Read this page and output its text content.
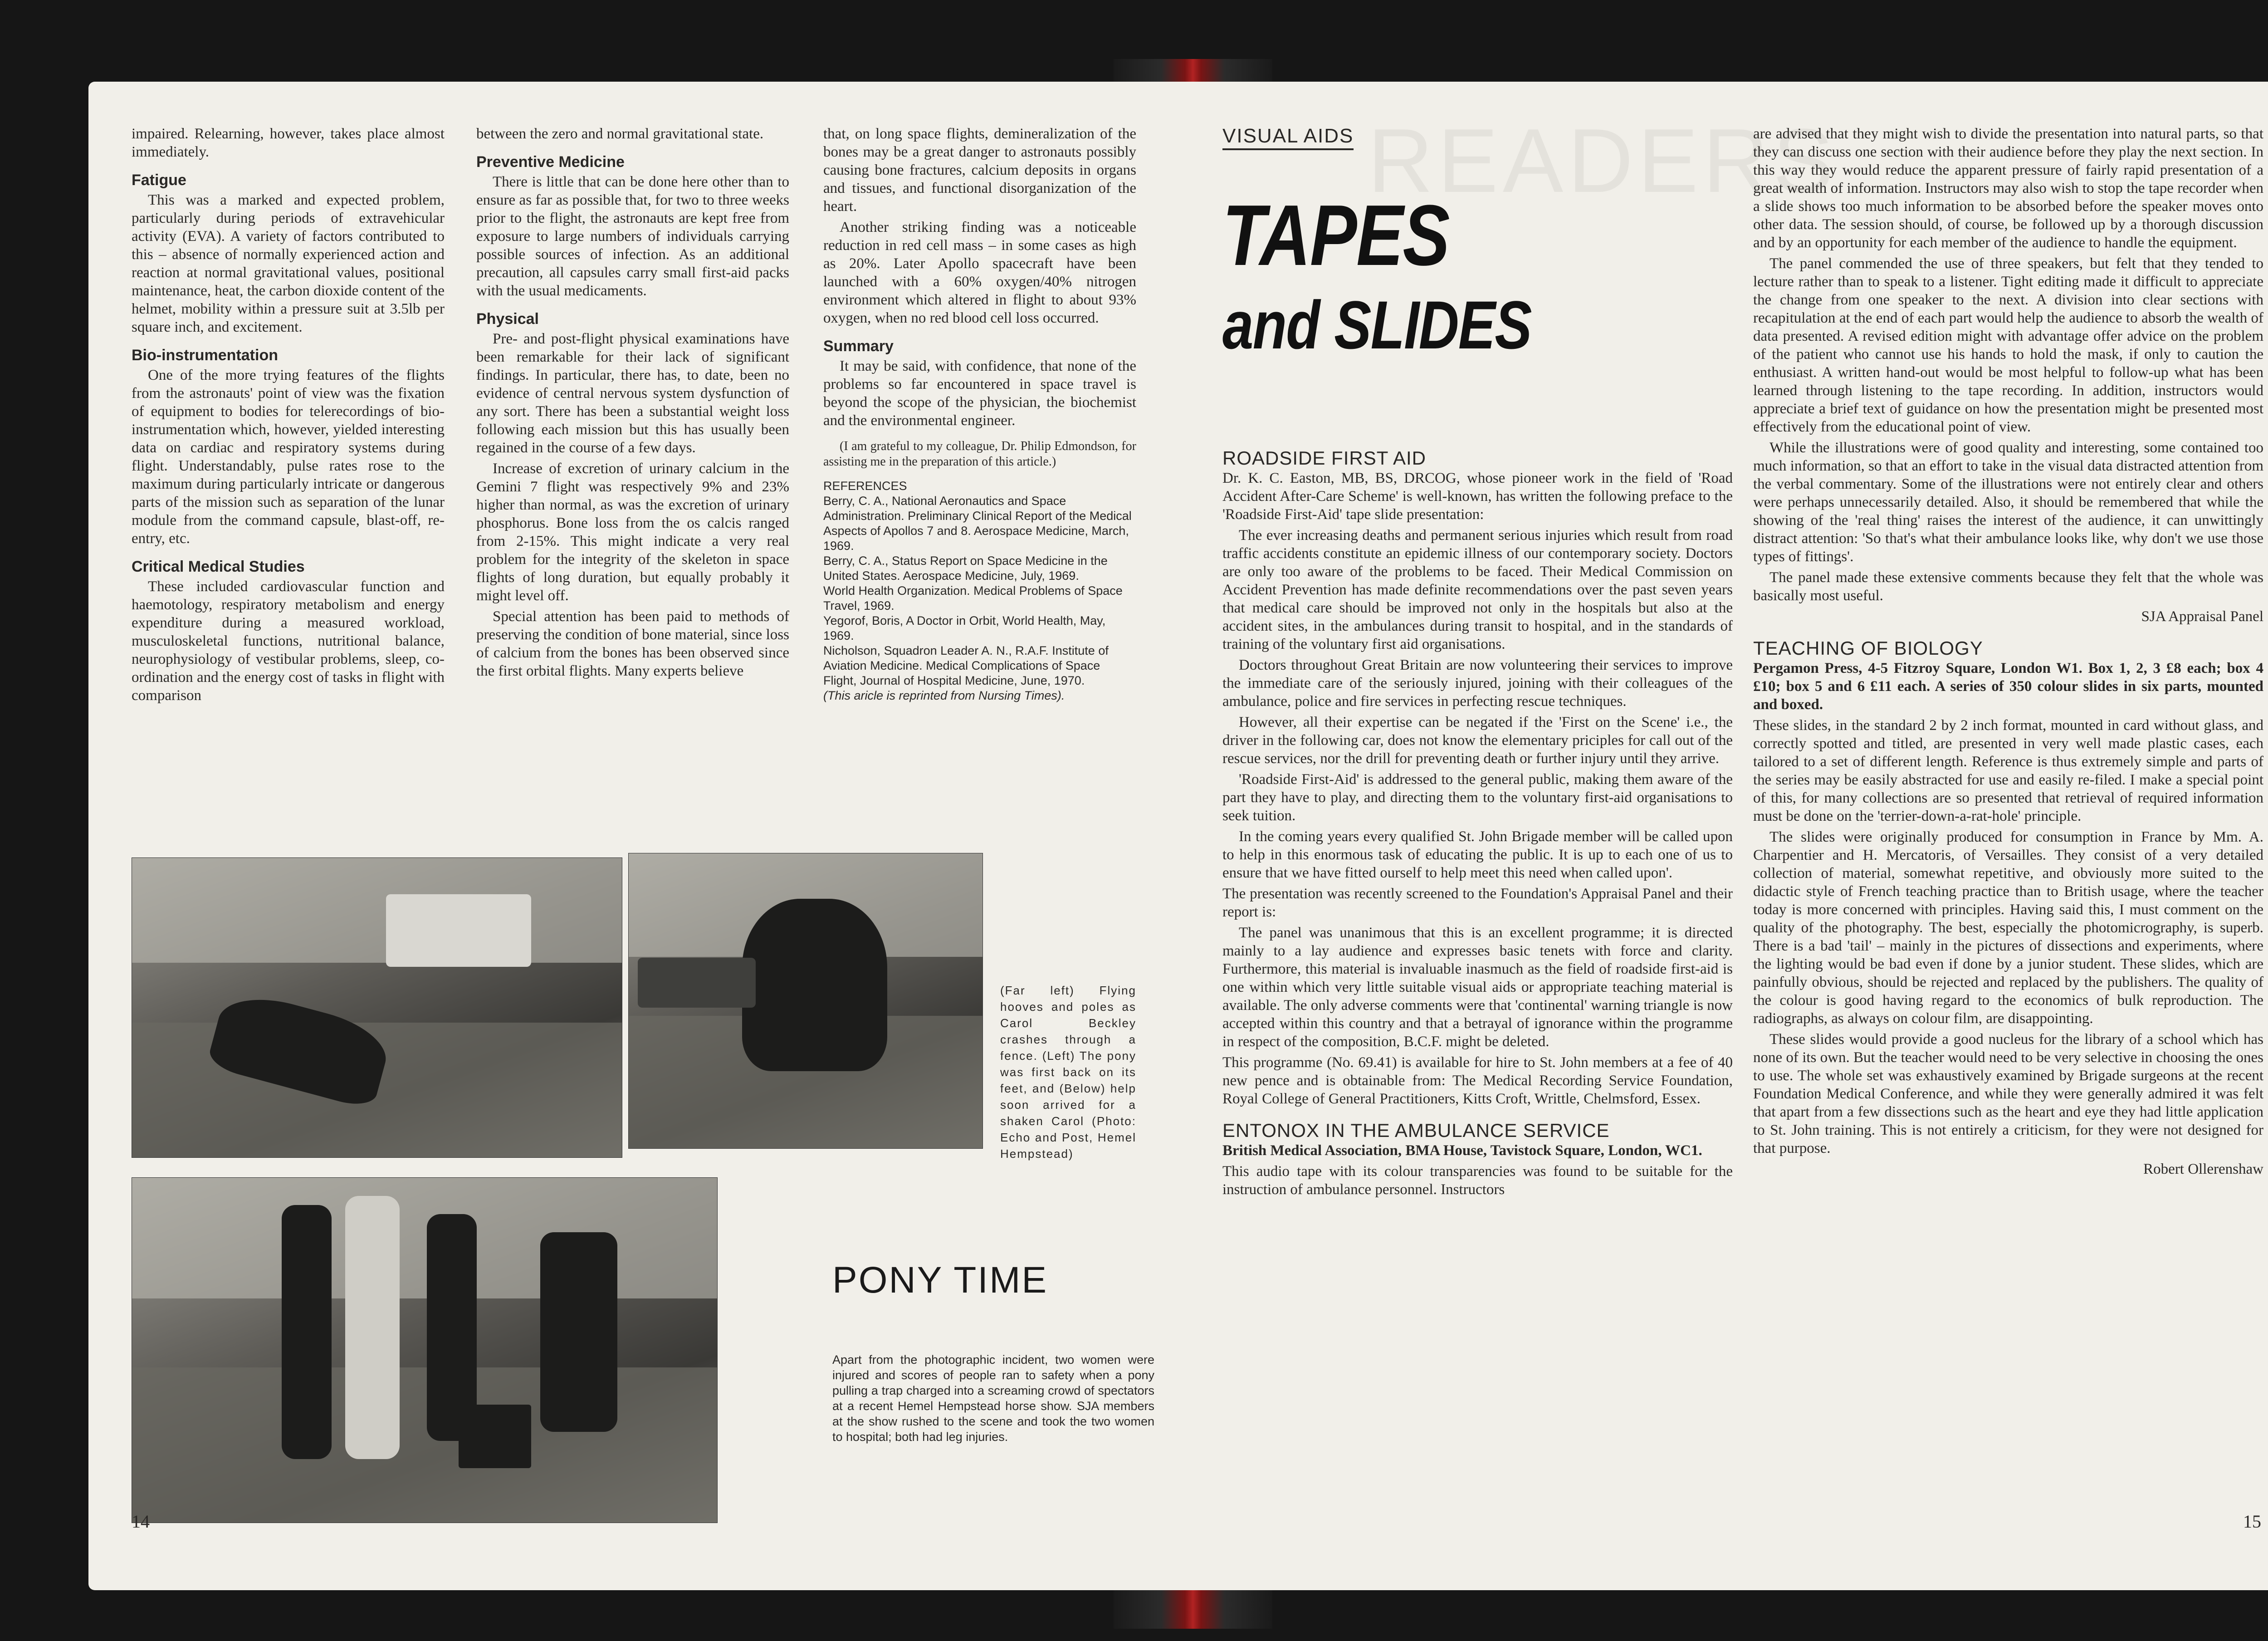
impaired. Relearning, however, takes place almost immediately.

Fatigue

This was a marked and expected problem, particularly during periods of extravehicular activity (EVA). A variety of factors contributed to this – absence of normally experienced action and reaction at normal gravitational values, positional maintenance, heat, the carbon dioxide content of the helmet, mobility within a pressure suit at 3.5lb per square inch, and excitement.

Bio-instrumentation

One of the more trying features of the flights from the astronauts' point of view was the fixation of equipment to bodies for telerecordings of bio-instrumentation which, however, yielded interesting data on cardiac and respiratory systems during flight. Understandably, pulse rates rose to the maximum during particularly intricate or dangerous parts of the mission such as separation of the lunar module from the command capsule, blast-off, re-entry, etc.

Critical Medical Studies

These included cardiovascular function and haemotology, respiratory metabolism and energy expenditure during a measured workload, musculoskeletal functions, nutritional balance, neurophysiology of vestibular problems, sleep, co-ordination and the energy cost of tasks in flight with comparison

between the zero and normal gravitational state.

Preventive Medicine

There is little that can be done here other than to ensure as far as possible that, for two to three weeks prior to the flight, the astronauts are kept free from exposure to large numbers of individuals carrying possible sources of infection. As an additional precaution, all capsules carry small first-aid packs with the usual medicaments.

Physical

Pre- and post-flight physical examinations have been remarkable for their lack of significant findings. In particular, there has, to date, been no evidence of central nervous system dysfunction of any sort. There has been a substantial weight loss following each mission but this has usually been regained in the course of a few days.

Increase of excretion of urinary calcium in the Gemini 7 flight was respectively 9% and 23% higher than normal, as was the excretion of urinary phosphorus. Bone loss from the os calcis ranged from 2-15%. This might indicate a very real problem for the integrity of the skeleton in space flights of long duration, but equally probably it might level off.

Special attention has been paid to methods of preserving the condition of bone material, since loss of calcium from the bones has been observed since the first orbital flights. Many experts believe

that, on long space flights, demineralization of the bones may be a great danger to astronauts possibly causing bone fractures, calcium deposits in organs and tissues, and functional disorganization of the heart.

Another striking finding was a noticeable reduction in red cell mass – in some cases as high as 20%. Later Apollo spacecraft have been launched with a 60% oxygen/40% nitrogen environment which altered in flight to about 93% oxygen, when no red blood cell loss occurred.

Summary

It may be said, with confidence, that none of the problems so far encountered in space travel is beyond the scope of the physician, the biochemist and the environmental engineer.

(I am grateful to my colleague, Dr. Philip Edmondson, for assisting me in the preparation of this article.)

REFERENCES

Berry, C. A., National Aeronautics and Space Administration. Preliminary Clinical Report of the Medical Aspects of Apollos 7 and 8. Aerospace Medicine, March, 1969.

Berry, C. A., Status Report on Space Medicine in the United States. Aerospace Medicine, July, 1969.

World Health Organization. Medical Problems of Space Travel, 1969.

Yegorof, Boris, A Doctor in Orbit, World Health, May, 1969.

Nicholson, Squadron Leader A. N., R.A.F. Institute of Aviation Medicine. Medical Complications of Space Flight, Journal of Hospital Medicine, June, 1970.

(This aricle is reprinted from Nursing Times).

(Far left) Flying hooves and poles as Carol Beckley crashes through a fence. (Left) The pony was first back on its feet, and (Below) help soon arrived for a shaken Carol (Photo: Echo and Post, Hemel Hempstead)
PONY TIME

Apart from the photographic incident, two women were injured and scores of people ran to safety when a pony pulling a trap charged into a screaming crowd of spectators at a recent Hemel Hempstead horse show. SJA members at the show rushed to the scene and took the two women to hospital; both had leg injuries.

14
READERS
VISUAL AIDS
TAPES
and SLIDES
ROADSIDE FIRST AID

Dr. K. C. Easton, MB, BS, DRCOG, whose pioneer work in the field of 'Road Accident After-Care Scheme' is well-known, has written the following preface to the 'Roadside First-Aid' tape slide presentation:

The ever increasing deaths and permanent serious injuries which result from road traffic accidents constitute an epidemic illness of our contemporary society. Doctors are only too aware of the problems to be faced. Their Medical Commission on Accident Prevention has made definite recommendations over the past seven years that medical care should be improved not only in the hospitals but also at the accident sites, in the ambulances during transit to hospital, and in the standards of training of the voluntary first aid organisations.

Doctors throughout Great Britain are now volunteering their services to improve the immediate care of the seriously injured, joining with their colleagues of the ambulance, police and fire services in perfecting rescue techniques.

However, all their expertise can be negated if the 'First on the Scene' i.e., the driver in the following car, does not know the elementary priciples for call out of the rescue services, nor the drill for preventing death or further injury until they arrive.

'Roadside First-Aid' is addressed to the general public, making them aware of the part they have to play, and directing them to the voluntary first-aid organisations to seek tuition.

In the coming years every qualified St. John Brigade member will be called upon to help in this enormous task of educating the public. It is up to each one of us to ensure that we have fitted ourself to help meet this need when called upon'.

The presentation was recently screened to the Foundation's Appraisal Panel and their report is:

The panel was unanimous that this is an excellent programme; it is directed mainly to a lay audience and expresses basic tenets with force and clarity. Furthermore, this material is invaluable inasmuch as the field of roadside first-aid is one within which very little suitable visual aids or appropriate teaching material is available. The only adverse comments were that 'continental' warning triangle is now accepted within this country and that a betrayal of ignorance within the programme in respect of the composition, B.C.F. might be deleted.

This programme (No. 69.41) is available for hire to St. John members at a fee of 40 new pence and is obtainable from: The Medical Recording Service Foundation, Royal College of General Practitioners, Kitts Croft, Writtle, Chelmsford, Essex.

ENTONOX IN THE AMBULANCE SERVICE

British Medical Association, BMA House, Tavistock Square, London, WC1.

This audio tape with its colour transparencies was found to be suitable for the instruction of ambulance personnel. Instructors

are advised that they might wish to divide the presentation into natural parts, so that they can discuss one section with their audience before they play the next section. In this way they would reduce the apparent pressure of fairly rapid presentation of a great wealth of information. Instructors may also wish to stop the tape recorder when a slide shows too much information to be absorbed before the speaker moves onto other data. The session should, of course, be followed up by a thorough discussion and by an opportunity for each member of the audience to handle the equipment.

The panel commended the use of three speakers, but felt that they tended to lecture rather than to speak to a listener. Tight editing made it difficult to appreciate the change from one speaker to the next. A division into clear sections with recapitulation at the end of each part would help the audience to absorb the wealth of data presented. A revised edition might with advantage offer advice on the problem of the patient who cannot use his hands to hold the mask, if only to caution the enthusiast. A written hand-out would be most helpful to follow-up what has been learned through listening to the tape recording. In addition, instructors would appreciate a brief text of guidance on how the presentation might be presented most effectively from the educational point of view.

While the illustrations were of good quality and interesting, some contained too much information, so that an effort to take in the visual data distracted attention from the verbal commentary. Some of the illustrations were not entirely clear and others were perhaps unnecessarily detailed. Also, it should be remembered that while the showing of the 'real thing' raises the interest of the audience, it can unwittingly distract attention: 'So that's what their ambulance looks like, why don't we use those types of fittings'.

The panel made these extensive comments because they felt that the whole was basically most useful.

SJA Appraisal Panel

TEACHING OF BIOLOGY

Pergamon Press, 4-5 Fitzroy Square, London W1. Box 1, 2, 3 £8 each; box 4 £10; box 5 and 6 £11 each. A series of 350 colour slides in six parts, mounted and boxed.

These slides, in the standard 2 by 2 inch format, mounted in card without glass, and correctly spotted and titled, are presented in very well made plastic cases, each tailored to a set of different length. Reference is thus extremely simple and parts of the series may be easily abstracted for use and easily re-filed. I make a special point of this, for many collections are so presented that retrieval of required information must be done on the 'terrier-down-a-rat-hole' principle.

The slides were originally produced for consumption in France by Mm. A. Charpentier and H. Mercatoris, of Versailles. They consist of a very detailed collection of material, somewhat repetitive, and obviously more suited to the didactic style of French teaching practice than to British usage, where the teacher today is more concerned with principles. Having said this, I must comment on the quality of the photography. The best, especially the photomicrography, is superb. There is a bad 'tail' – mainly in the pictures of dissections and experiments, where the lighting would be bad even if done by a junior student. These slides, which are painfully obvious, should be rejected and replaced by the publishers. The quality of the colour is good having regard to the economics of bulk reproduction. The radiographs, as always on colour film, are disappointing.

These slides would provide a good nucleus for the library of a school which has none of its own. But the teacher would need to be very selective in choosing the ones to use. The whole set was exhaustively examined by Brigade surgeons at the recent Foundation Medical Conference, and while they were generally admired it was felt that apart from a few dissections such as the heart and eye they had little application to St. John training. This is not entirely a criticism, for they were not designed for that purpose.

Robert Ollerenshaw

15
